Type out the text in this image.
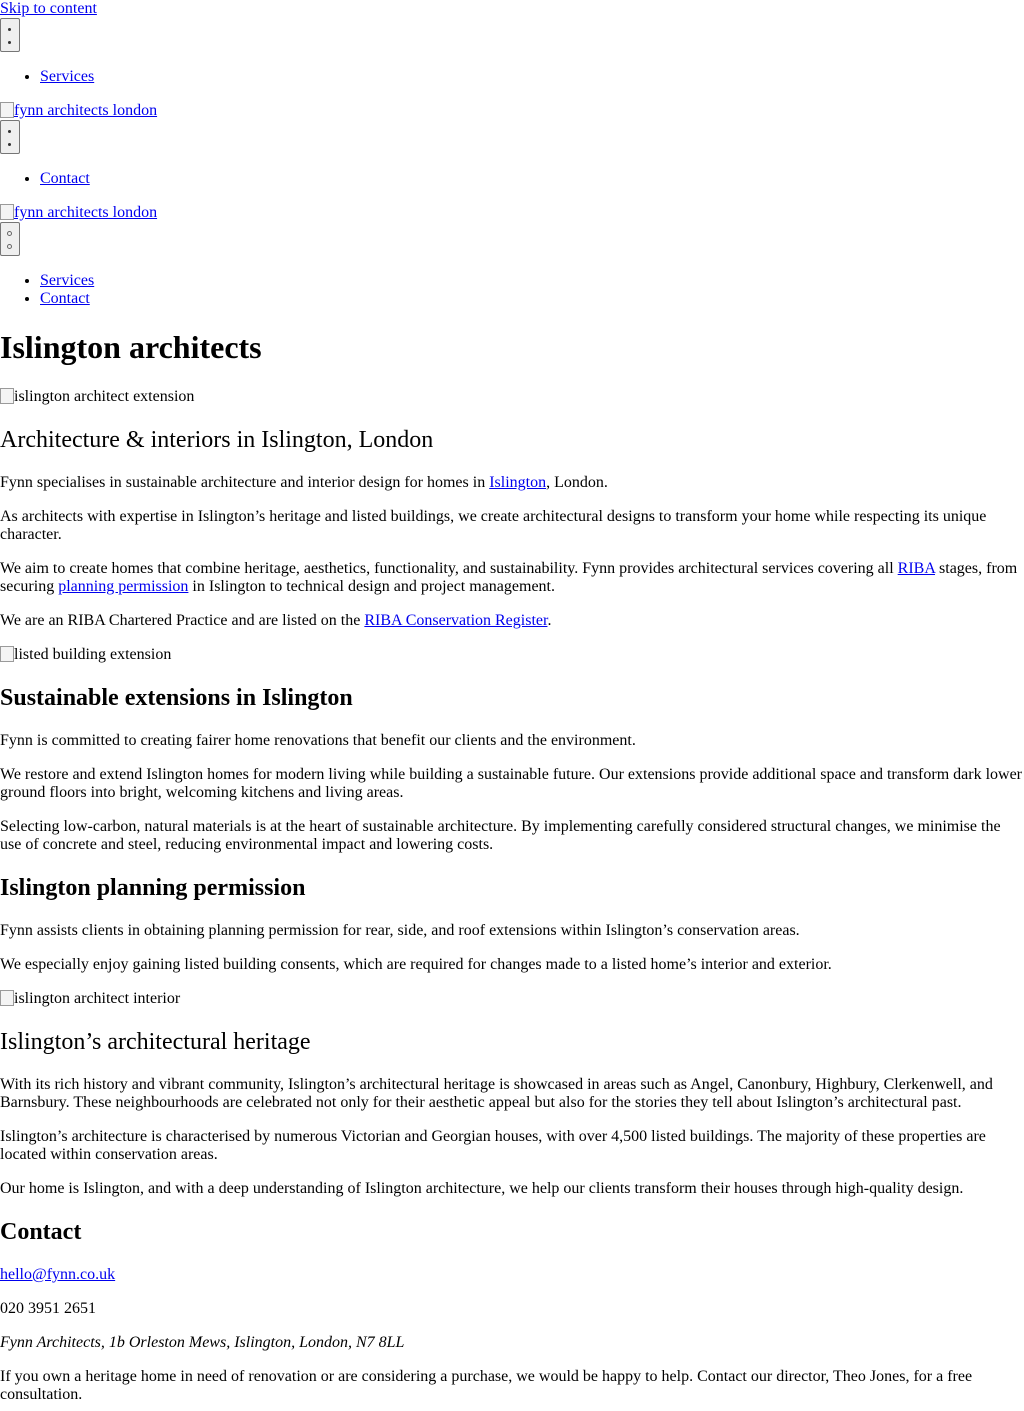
Skip to content
• Services
fynn architects london
• Contact
fynn architects london
• Services
• Contact
Islington architects
islington architect extension
Architecture & interiors in Islington, London

Fynn specialises in sustainable architecture and interior design for homes in Islington, London.

As architects with expertise in Islington’s heritage and listed buildings, we create architectural designs to transform your home while respecting its unique character.

We aim to create homes that combine heritage, aesthetics, functionality, and sustainability. Fynn provides architectural services covering all RIBA stages, from securing planning permission in Islington to technical design and project management.

We are an RIBA Chartered Practice and are listed on the RIBA Conservation Register.

listed building extension
Sustainable extensions in Islington

Fynn is committed to creating fairer home renovations that benefit our clients and the environment.

We restore and extend Islington homes for modern living while building a sustainable future. Our extensions provide additional space and transform dark lower ground floors into bright, welcoming kitchens and living areas.

Selecting low-carbon, natural materials is at the heart of sustainable architecture. By implementing carefully considered structural changes, we minimise the use of concrete and steel, reducing environmental impact and lowering costs.

Islington planning permission

Fynn assists clients in obtaining planning permission for rear, side, and roof extensions within Islington’s conservation areas.

We especially enjoy gaining listed building consents, which are required for changes made to a listed home’s interior and exterior.

islington architect interior
Islington’s architectural heritage

With its rich history and vibrant community, Islington’s architectural heritage is showcased in areas such as Angel, Canonbury, Highbury, Clerkenwell, and Barnsbury. These neighbourhoods are celebrated not only for their aesthetic appeal but also for the stories they tell about Islington’s architectural past.

Islington’s architecture is characterised by numerous Victorian and Georgian houses, with over 4,500 listed buildings. The majority of these properties are located within conservation areas.

Our home is Islington, and with a deep understanding of Islington architecture, we help our clients transform their houses through high-quality design.

Contact

hello@fynn.co.uk

020 3951 2651

Fynn Architects, 1b Orleston Mews, Islington, London, N7 8LL

If you own a heritage home in need of renovation or are considering a purchase, we would be happy to help. Contact our director, Theo Jones, for a free consultation.
